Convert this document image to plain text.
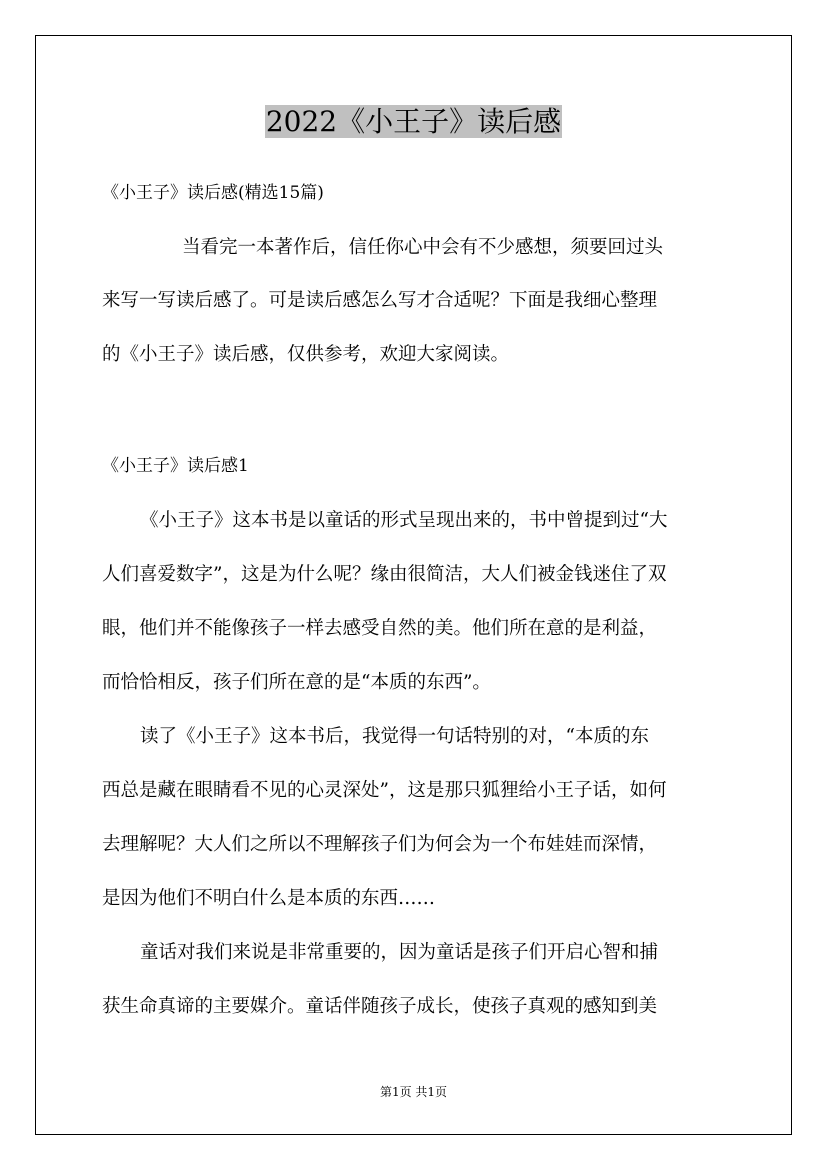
2022《小王子》读后感
《小王子》读后感(精选15篇)
当看完一本著作后，信任你心中会有不少感想，须要回过头
来写一写读后感了。可是读后感怎么写才合适呢？下面是我细心整理
的《小王子》读后感，仅供参考，欢迎大家阅读。
《小王子》读后感1
《小王子》这本书是以童话的形式呈现出来的，书中曾提到过“大
人们喜爱数字”，这是为什么呢？缘由很简洁，大人们被金钱迷住了双
眼，他们并不能像孩子一样去感受自然的美。他们所在意的是利益，
而恰恰相反，孩子们所在意的是“本质的东西”。
读了《小王子》这本书后，我觉得一句话特别的对，“本质的东
西总是藏在眼睛看不见的心灵深处”，这是那只狐狸给小王子话，如何
去理解呢？大人们之所以不理解孩子们为何会为一个布娃娃而深情，
是因为他们不明白什么是本质的东西……
童话对我们来说是非常重要的，因为童话是孩子们开启心智和捕
获生命真谛的主要媒介。童话伴随孩子成长，使孩子真观的感知到美
第1页 共1页
